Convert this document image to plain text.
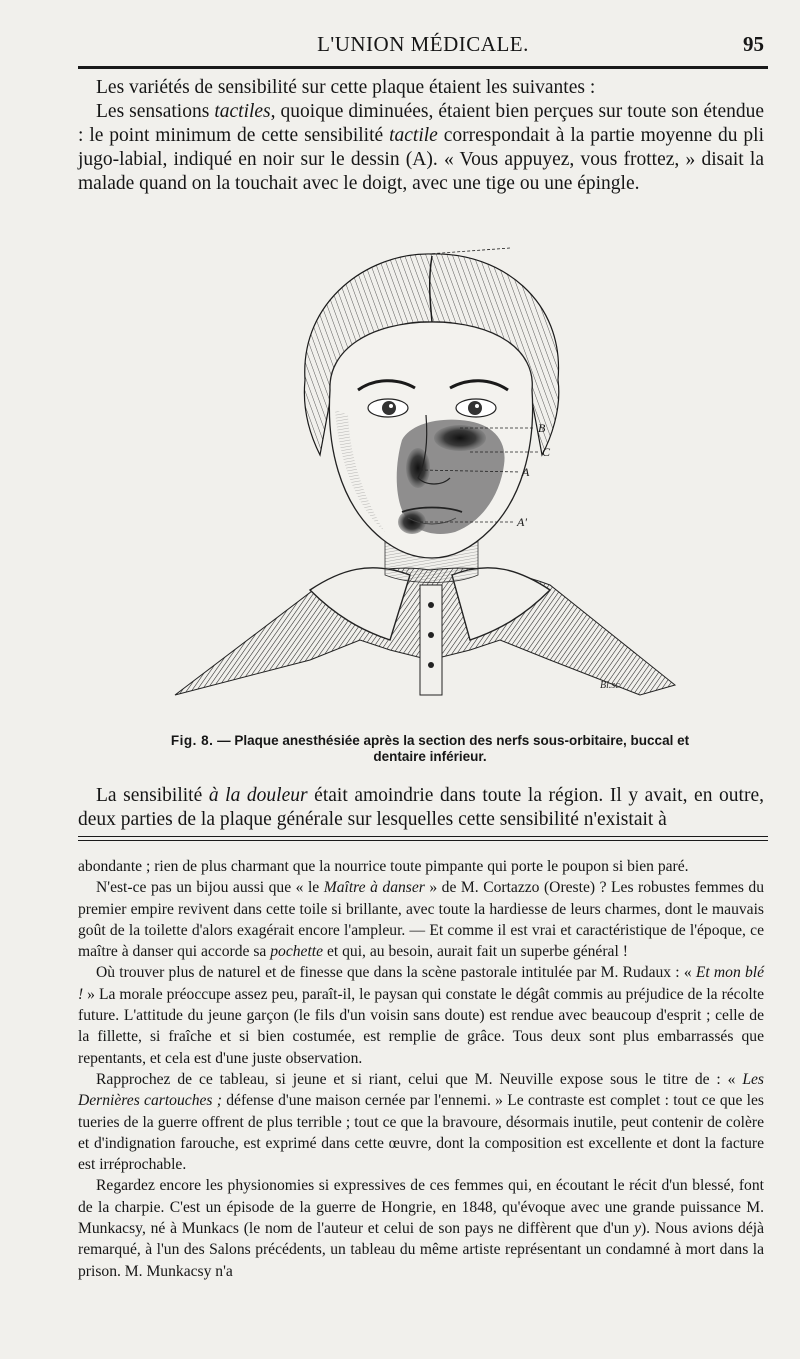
L'UNION MÉDICALE.	95

Les variétés de sensibilité sur cette plaque étaient les suivantes :

Les sensations tactiles, quoique diminuées, étaient bien perçues sur toute son étendue : le point minimum de cette sensibilité tactile correspondait à la partie moyenne du pli jugo-labial, indiqué en noir sur le dessin (A). « Vous appuyez, vous frottez, » disait la malade quand on la touchait avec le doigt, avec une tige ou une épingle.

B
C
A
A'
Bl.sc.
Fig. 8. — Plaque anesthésiée après la section des nerfs sous-orbitaire, buccal et dentaire inférieur.

La sensibilité à la douleur était amoindrie dans toute la région. Il y avait, en outre, deux parties de la plaque générale sur lesquelles cette sensibilité n'existait à

abondante ; rien de plus charmant que la nourrice toute pimpante qui porte le poupon si bien paré.

N'est-ce pas un bijou aussi que « le Maître à danser » de M. Cortazzo (Oreste) ? Les robustes femmes du premier empire revivent dans cette toile si brillante, avec toute la hardiesse de leurs charmes, dont le mauvais goût de la toilette d'alors exagérait encore l'ampleur. — Et comme il est vrai et caractéristique de l'époque, ce maître à danser qui accorde sa pochette et qui, au besoin, aurait fait un superbe général !

Où trouver plus de naturel et de finesse que dans la scène pastorale intitulée par M. Rudaux : « Et mon blé ! » La morale préoccupe assez peu, paraît-il, le paysan qui constate le dégât commis au préjudice de la récolte future. L'attitude du jeune garçon (le fils d'un voisin sans doute) est rendue avec beaucoup d'esprit ; celle de la fillette, si fraîche et si bien costumée, est remplie de grâce. Tous deux sont plus embarrassés que repentants, et cela est d'une juste observation.

Rapprochez de ce tableau, si jeune et si riant, celui que M. Neuville expose sous le titre de : « Les Dernières cartouches ; défense d'une maison cernée par l'ennemi. » Le contraste est complet : tout ce que les tueries de la guerre offrent de plus terrible ; tout ce que la bravoure, désormais inutile, peut contenir de colère et d'indignation farouche, est exprimé dans cette œuvre, dont la composition est excellente et dont la facture est irréprochable.

Regardez encore les physionomies si expressives de ces femmes qui, en écoutant le récit d'un blessé, font de la charpie. C'est un épisode de la guerre de Hongrie, en 1848, qu'évoque avec une grande puissance M. Munkacsy, né à Munkacs (le nom de l'auteur et celui de son pays ne diffèrent que d'un y). Nous avions déjà remarqué, à l'un des Salons précédents, un tableau du même artiste représentant un condamné à mort dans la prison. M. Munkacsy n'a
